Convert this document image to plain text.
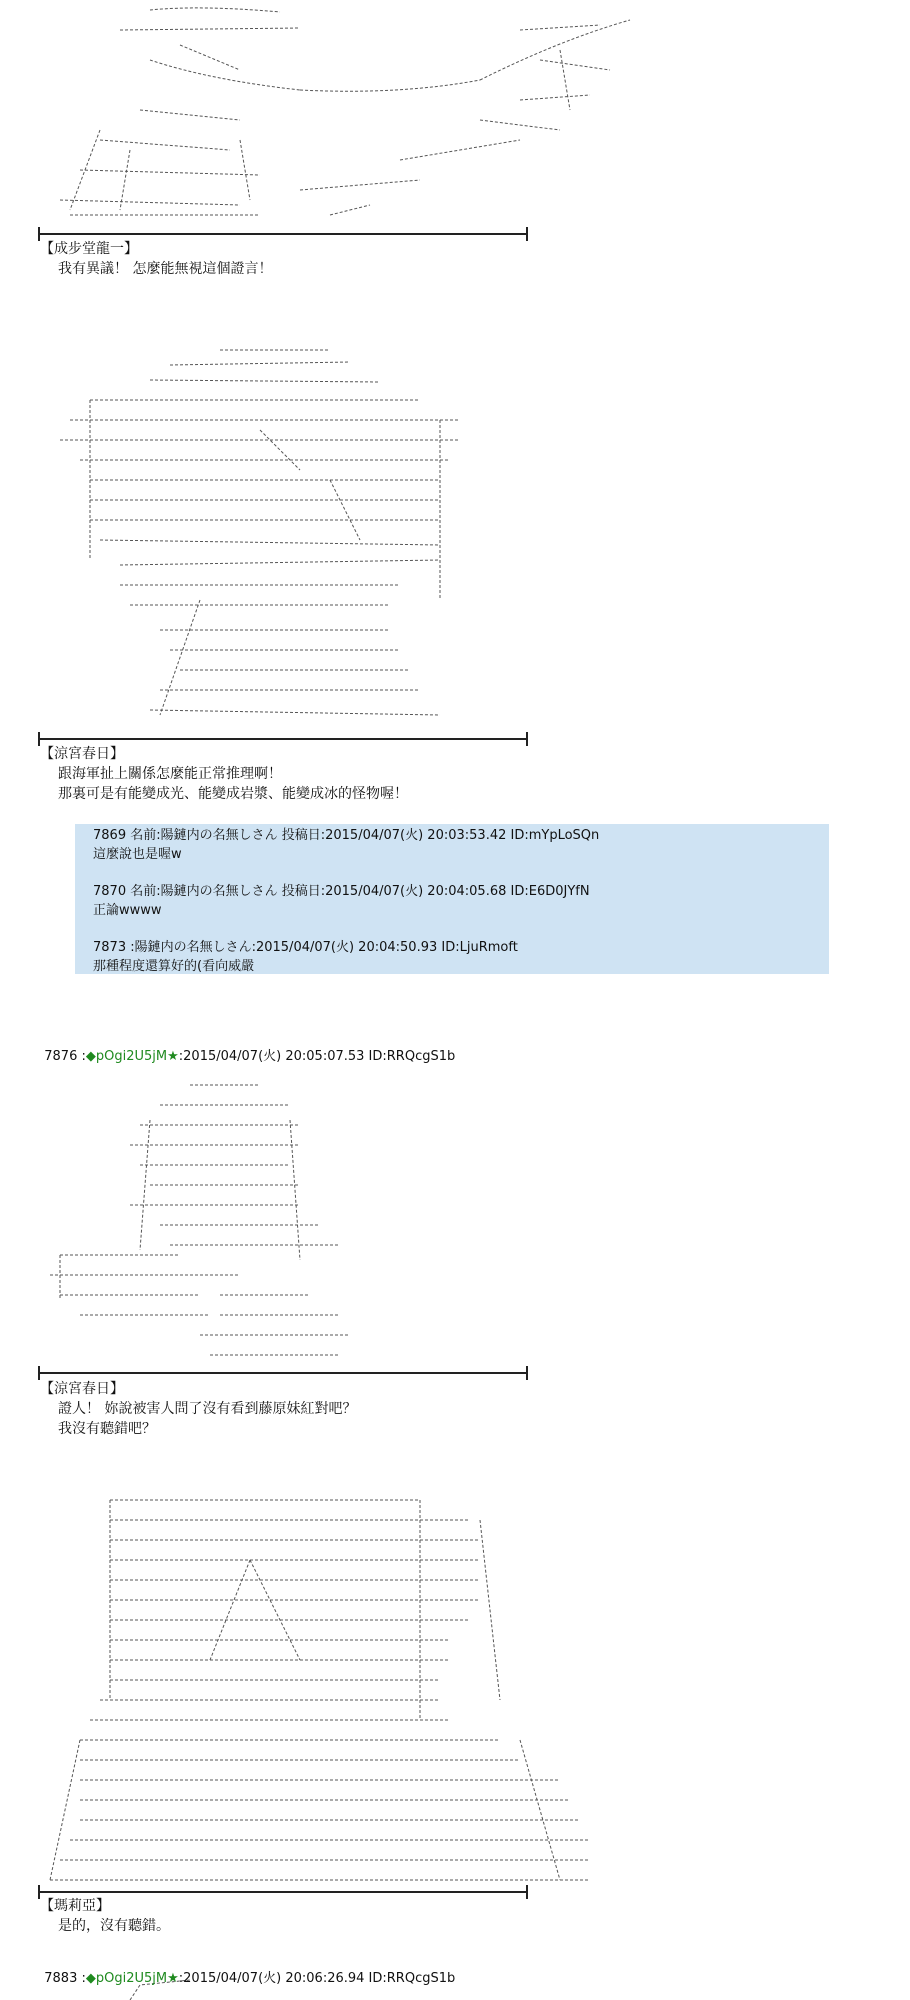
【成步堂龍一】
我有異議！ 怎麼能無視這個證言！
【涼宮春日】
跟海軍扯上關係怎麼能正常推理啊！
那裏可是有能變成光、能變成岩漿、能變成冰的怪物喔！
7869 名前:陽鏈内の名無しさん 投稿日:2015/04/07(火) 20:03:53.42 ID:mYpLoSQn
這麼說也是喔w
7870 名前:陽鏈内の名無しさん 投稿日:2015/04/07(火) 20:04:05.68 ID:E6D0JYfN
正論wwww
7873 :陽鏈内の名無しさん:2015/04/07(火) 20:04:50.93 ID:LjuRmoft
那種程度還算好的(看向威嚴

7876 :◆pOgi2U5jM★:2015/04/07(火) 20:05:07.53 ID:RRQcgS1b

【涼宮春日】
證人！ 妳說被害人問了沒有看到藤原妹紅對吧？
我沒有聽錯吧？
【瑪莉亞】
是的，沒有聽錯。

7883 :◆pOgi2U5jM★:2015/04/07(火) 20:06:26.94 ID:RRQcgS1b
